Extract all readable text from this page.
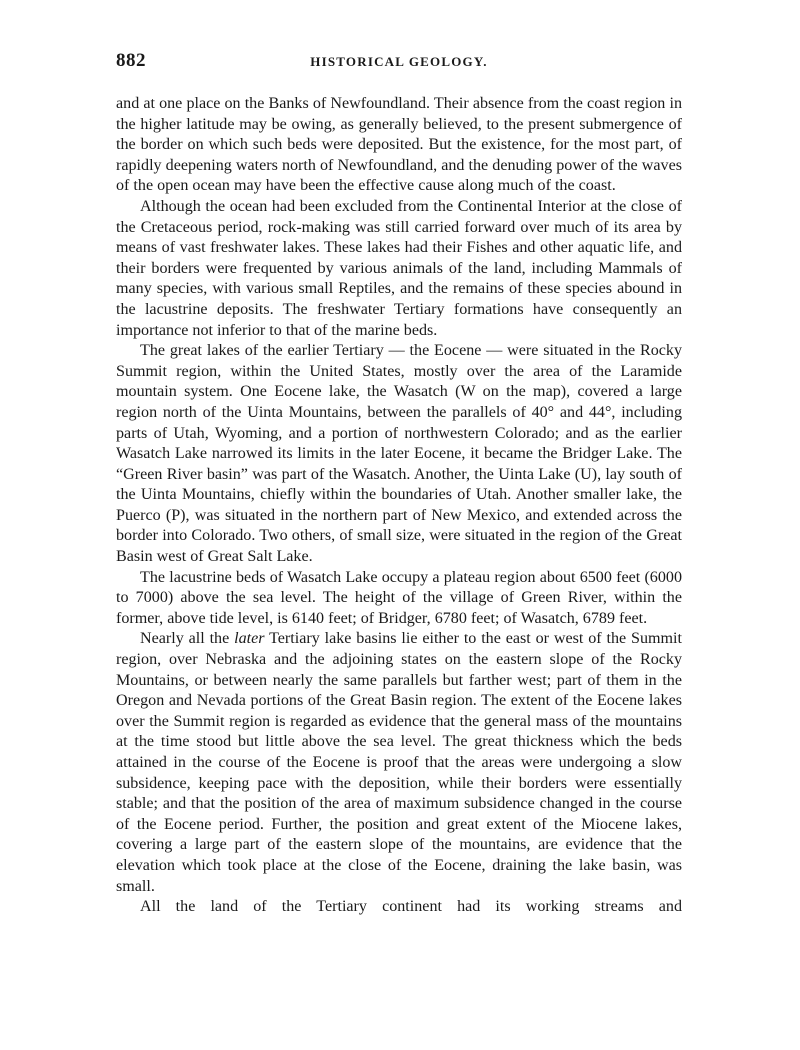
882	HISTORICAL GEOLOGY.

and at one place on the Banks of Newfoundland. Their absence from the coast region in the higher latitude may be owing, as generally believed, to the present submergence of the border on which such beds were deposited. But the existence, for the most part, of rapidly deepening waters north of Newfoundland, and the denuding power of the waves of the open ocean may have been the effective cause along much of the coast.

Although the ocean had been excluded from the Continental Interior at the close of the Cretaceous period, rock-making was still carried forward over much of its area by means of vast freshwater lakes. These lakes had their Fishes and other aquatic life, and their borders were frequented by various animals of the land, including Mammals of many species, with various small Reptiles, and the remains of these species abound in the lacustrine deposits. The freshwater Tertiary formations have consequently an importance not inferior to that of the marine beds.

The great lakes of the earlier Tertiary — the Eocene — were situated in the Rocky Summit region, within the United States, mostly over the area of the Laramide mountain system. One Eocene lake, the Wasatch (W on the map), covered a large region north of the Uinta Mountains, between the parallels of 40° and 44°, including parts of Utah, Wyoming, and a portion of northwestern Colorado; and as the earlier Wasatch Lake narrowed its limits in the later Eocene, it became the Bridger Lake. The “Green River basin” was part of the Wasatch. Another, the Uinta Lake (U), lay south of the Uinta Mountains, chiefly within the boundaries of Utah. Another smaller lake, the Puerco (P), was situated in the northern part of New Mexico, and extended across the border into Colorado. Two others, of small size, were situated in the region of the Great Basin west of Great Salt Lake.

The lacustrine beds of Wasatch Lake occupy a plateau region about 6500 feet (6000 to 7000) above the sea level. The height of the village of Green River, within the former, above tide level, is 6140 feet; of Bridger, 6780 feet; of Wasatch, 6789 feet.

Nearly all the later Tertiary lake basins lie either to the east or west of the Summit region, over Nebraska and the adjoining states on the eastern slope of the Rocky Mountains, or between nearly the same parallels but farther west; part of them in the Oregon and Nevada portions of the Great Basin region. The extent of the Eocene lakes over the Summit region is regarded as evidence that the general mass of the mountains at the time stood but little above the sea level. The great thickness which the beds attained in the course of the Eocene is proof that the areas were undergoing a slow subsidence, keeping pace with the deposition, while their borders were essentially stable; and that the position of the area of maximum subsidence changed in the course of the Eocene period. Further, the position and great extent of the Miocene lakes, covering a large part of the eastern slope of the mountains, are evidence that the elevation which took place at the close of the Eocene, draining the lake basin, was small.

All the land of the Tertiary continent had its working streams and
